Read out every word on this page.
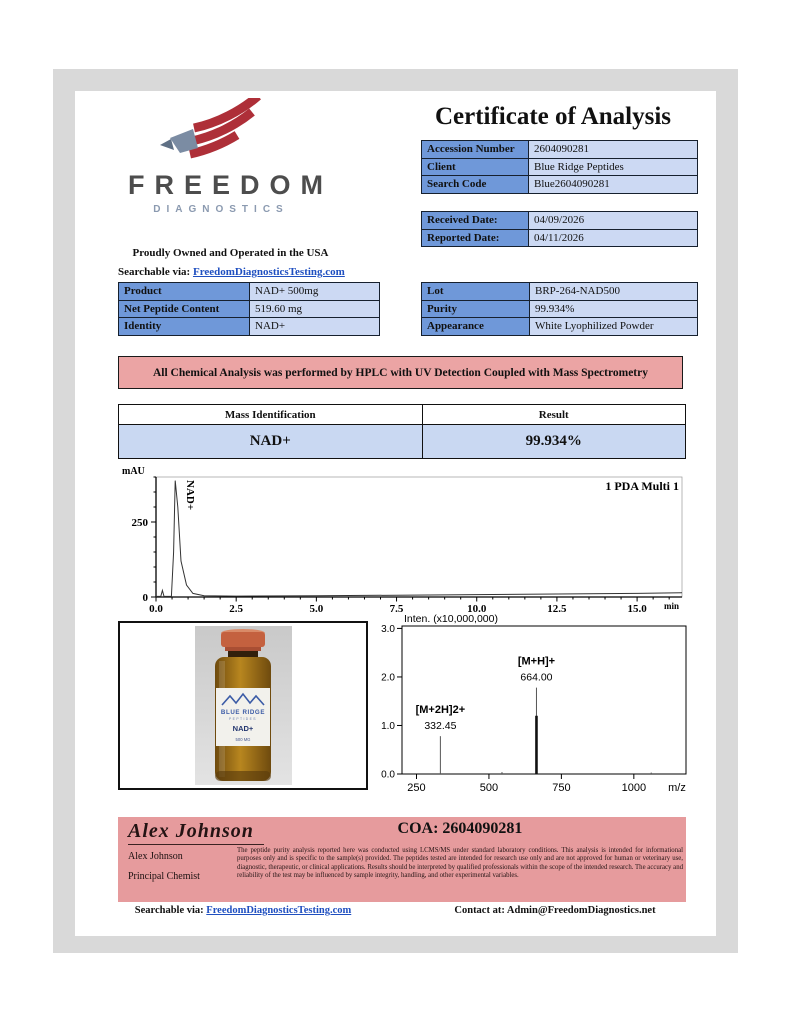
FREEDOM
DIAGNOSTICS
Certificate of Analysis
Accession Number	2604090281
Client	Blue Ridge Peptides
Search Code	Blue2604090281
Received Date:	04/09/2026
Reported Date:	04/11/2026
Proudly Owned and Operated in the USA
Searchable via: FreedomDiagnosticsTesting.com
Product	NAD+ 500mg
Net Peptide Content	519.60 mg
Identity	NAD+
Lot	BRP-264-NAD500
Purity	99.934%
Appearance	White Lyophilized Powder
All Chemical Analysis was performed by HPLC with UV Detection Coupled with Mass Spectrometry
Mass Identification	Result
NAD+	99.934%
0
250
0.0	2.5	5.0	7.5	10.0	12.5	15.0
mAU
min
1 PDA Multi 1
NAD+
BLUE RIDGE
PEPTIDES
NAD+
500 MG
0.0
1.0
2.0
3.0
250	500	750	1000
Inten. (x10,000,000)
m/z
332.45
[M+2H]2+
664.00
[M+H]+
Alex Johnson
Alex Johnson
Principal Chemist
COA: 2604090281
The peptide purity analysis reported here was conducted using LCMS/MS under standard laboratory conditions. This analysis is intended for informational purposes only and is specific to the sample(s) provided. The peptides tested are intended for research use only and are not approved for human or veterinary use, diagnostic, therapeutic, or clinical applications. Results should be interpreted by qualified professionals within the scope of the intended research. The accuracy and reliability of the test may be influenced by sample integrity, handling, and other experimental variables.
Searchable via: FreedomDiagnosticsTesting.com	Contact at: Admin@FreedomDiagnostics.net
